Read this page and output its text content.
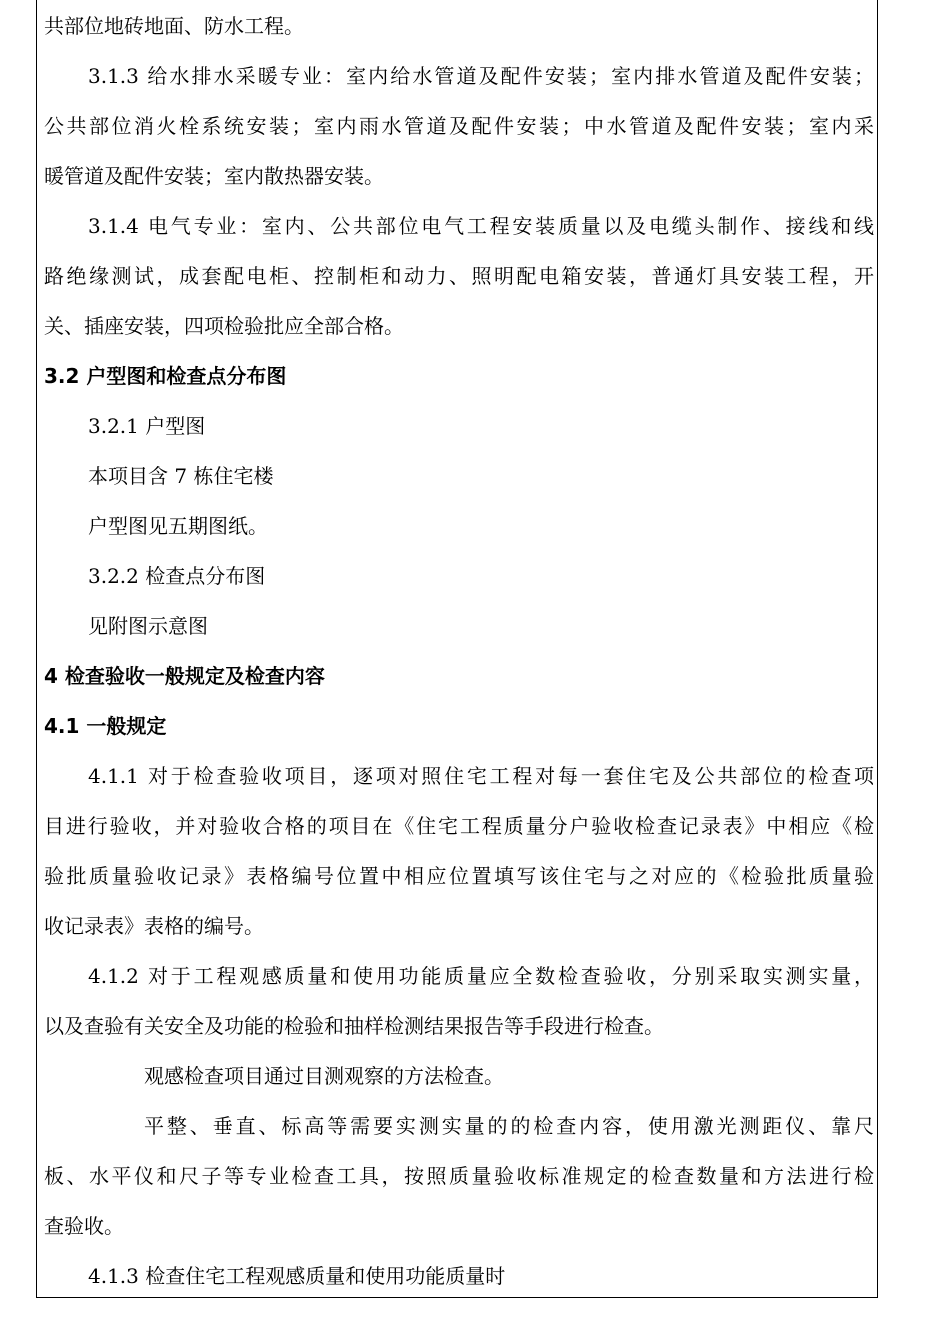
共部位地砖地面、防水工程。
3.1.3 给水排水采暖专业：室内给水管道及配件安装；室内排水管道及配件安装；
公共部位消火栓系统安装；室内雨水管道及配件安装；中水管道及配件安装；室内采
暖管道及配件安装；室内散热器安装。
3.1.4 电气专业：室内、公共部位电气工程安装质量以及电缆头制作、接线和线
路绝缘测试，成套配电柜、控制柜和动力、照明配电箱安装，普通灯具安装工程，开
关、插座安装，四项检验批应全部合格。
3.2 户型图和检查点分布图
3.2.1 户型图
本项目含 7 栋住宅楼
户型图见五期图纸。
3.2.2 检查点分布图
见附图示意图
4 检查验收一般规定及检查内容
4.1 一般规定
4.1.1 对于检查验收项目，逐项对照住宅工程对每一套住宅及公共部位的检查项
目进行验收，并对验收合格的项目在《住宅工程质量分户验收检查记录表》中相应《检
验批质量验收记录》表格编号位置中相应位置填写该住宅与之对应的《检验批质量验
收记录表》表格的编号。
4.1.2 对于工程观感质量和使用功能质量应全数检查验收，分别采取实测实量，
以及查验有关安全及功能的检验和抽样检测结果报告等手段进行检查。
观感检查项目通过目测观察的方法检查。
平整、垂直、标高等需要实测实量的的检查内容，使用激光测距仪、靠尺
板、水平仪和尺子等专业检查工具，按照质量验收标准规定的检查数量和方法进行检
查验收。
4.1.3 检查住宅工程观感质量和使用功能质量时
